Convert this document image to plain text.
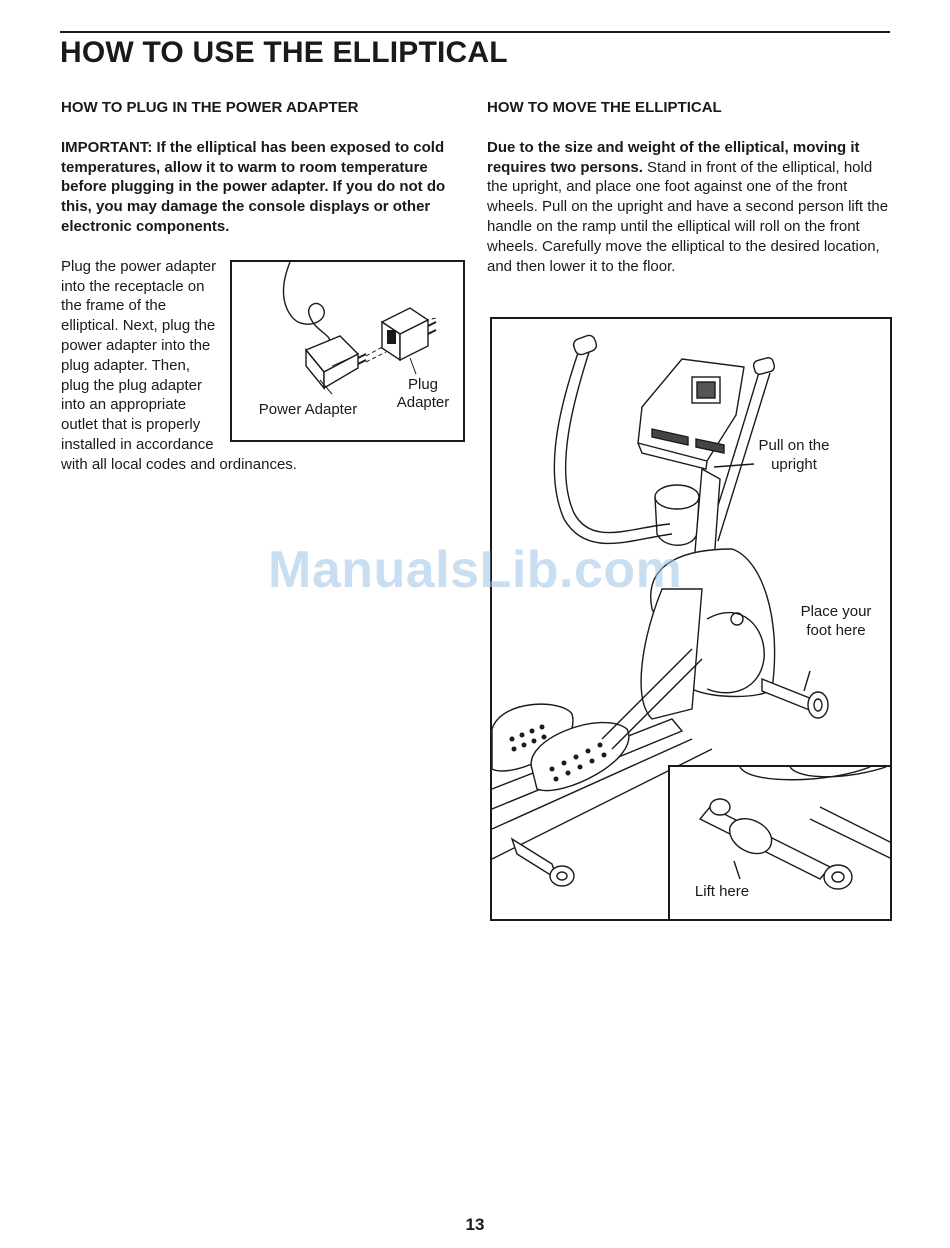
HOW TO USE THE ELLIPTICAL

HOW TO PLUG IN THE POWER ADAPTER

IMPORTANT: If the elliptical has been exposed to cold temperatures, allow it to warm to room temperature before plugging in the power adapter. If you do not do this, you may damage the console displays or other electronic components.

Power Adapter
Plug Adapter

Plug the power adapter into the receptacle on the frame of the elliptical. Next, plug the power adapter into the plug adapter. Then, plug the plug adapter into an appropriate outlet that is properly installed in accordance with all local codes and ordinances.

HOW TO MOVE THE ELLIPTICAL

Due to the size and weight of the elliptical, moving it requires two persons. Stand in front of the elliptical, hold the upright, and place one foot against one of the front wheels. Pull on the upright and have a second person lift the handle on the ramp until the elliptical will roll on the front wheels. Carefully move the elliptical to the desired location, and then lower it to the floor.

Lift here
Pull on the upright
Place your foot here
ManualsLib.com
13
